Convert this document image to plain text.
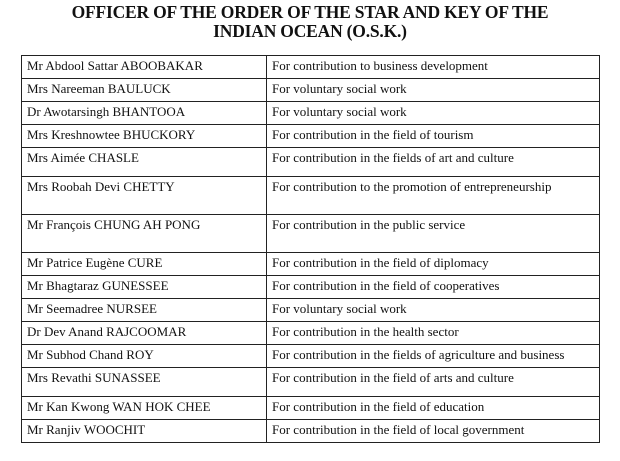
OFFICER OF THE ORDER OF THE STAR AND KEY OF THE
INDIAN OCEAN (O.S.K.)
Mr Abdool Sattar ABOOBAKAR	For contribution to business development
Mrs Nareeman BAULUCK	For voluntary social work
Dr Awotarsingh BHANTOOA	For voluntary social work
Mrs Kreshnowtee BHUCKORY	For contribution in the field of tourism
Mrs Aimée CHASLE	For contribution in the fields of art and culture
Mrs Roobah Devi CHETTY	For contribution to the promotion of entrepreneurship
Mr François CHUNG AH PONG	For contribution in the public service
Mr Patrice Eugène CURE	For contribution in the field of diplomacy
Mr Bhagtaraz GUNESSEE	For contribution in the field of cooperatives
Mr Seemadree NURSEE	For voluntary social work
Dr Dev Anand RAJCOOMAR	For contribution in the health sector
Mr Subhod Chand ROY	For contribution in the fields of agriculture and business
Mrs Revathi SUNASSEE	For contribution in the field of arts and culture
Mr Kan Kwong WAN HOK CHEE	For contribution in the field of education
Mr Ranjiv WOOCHIT	For contribution in the field of local government
